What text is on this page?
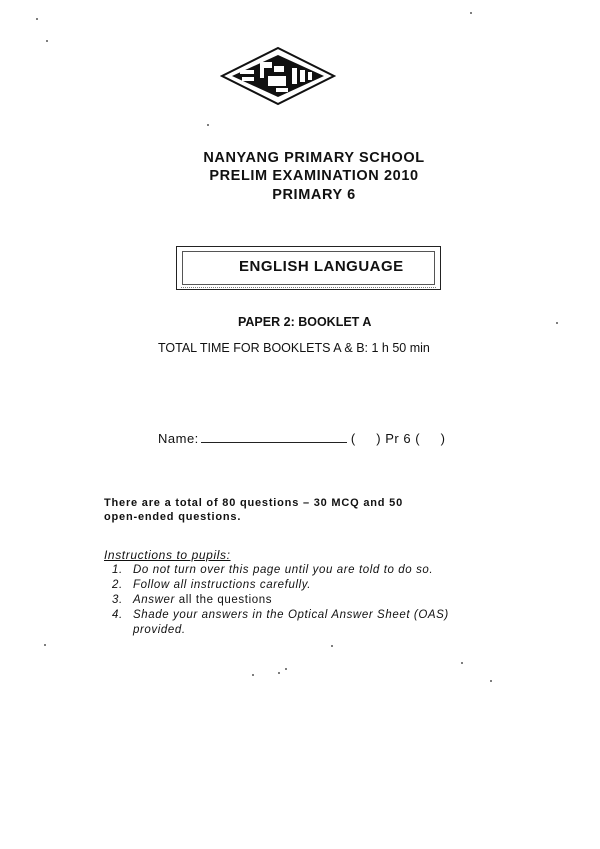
NANYANG PRIMARY SCHOOL
PRELIM EXAMINATION 2010
PRIMARY 6
ENGLISH LANGUAGE
PAPER 2: BOOKLET A
TOTAL TIME FOR BOOKLETS A & B: 1 h 50 min
Name:	(     ) Pr 6 (     )
There are a total of 80 questions – 30 MCQ and 50
open-ended questions.
Instructions to pupils:
1. Do not turn over this page until you are told to do so.
2. Follow all instructions carefully.
3. Answer all the questions
4. Shade your answers in the Optical Answer Sheet (OAS)
provided.
